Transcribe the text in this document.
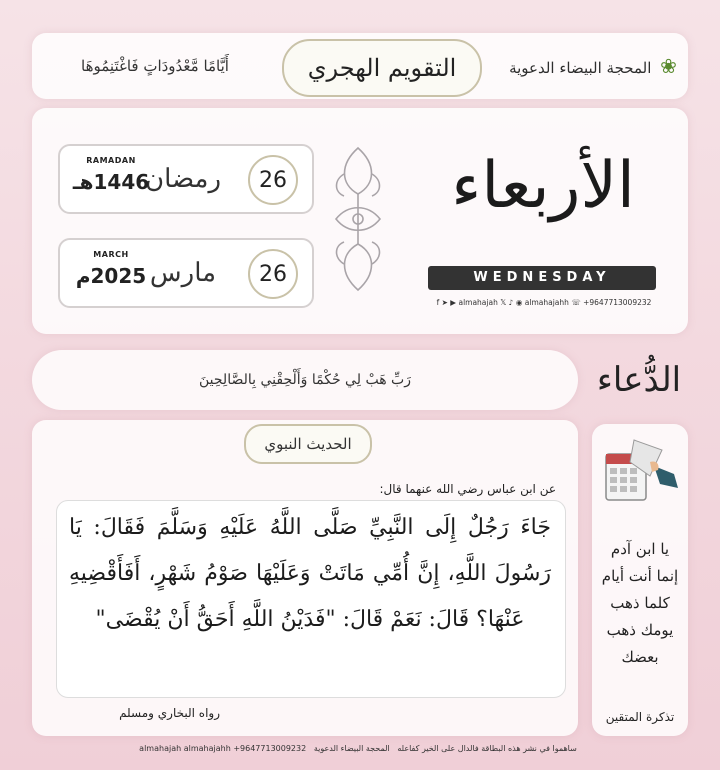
❀ المحجة البيضاء الدعوية
التقويم الهجري
أَيَّامًا مَّعْدُودَاتٍ فَاغْتَنِمُوهَا
26
رمضان
RAMADAN
1446هـ
26
مارس
MARCH
2025م
الأربعاء
WEDNESDAY
f ➤ ▶ almahajah 𝕏 ♪ ◉ almahajahh ☏ +9647713009232
الدُّعاء
رَبِّ هَبْ لِي حُكْمًا وَأَلْحِقْنِي بِالصَّالِحِينَ
الحديث النبوي
عن ابن عباس رضي الله عنهما قال:
جَاءَ رَجُلٌ إِلَى النَّبِيِّ صَلَّى اللَّهُ عَلَيْهِ وَسَلَّمَ فَقَالَ: يَا رَسُولَ اللَّهِ، إِنَّ أُمِّي مَاتَتْ وَعَلَيْهَا صَوْمُ شَهْرٍ، أَفَأَقْضِيهِ عَنْهَا؟ قَالَ: نَعَمْ قَالَ: "فَدَيْنُ اللَّهِ أَحَقُّ أَنْ يُقْضَى"
رواه البخاري ومسلم
يا ابن آدم
إنما أنت أيام
كلما ذهب
يومك ذهب
بعضك
تذكرة المتقين
ساهموا في نشر هذه البطاقة فالدال على الخير كفاعله   المحجة البيضاء الدعوية   almahajah almahajahh +9647713009232
